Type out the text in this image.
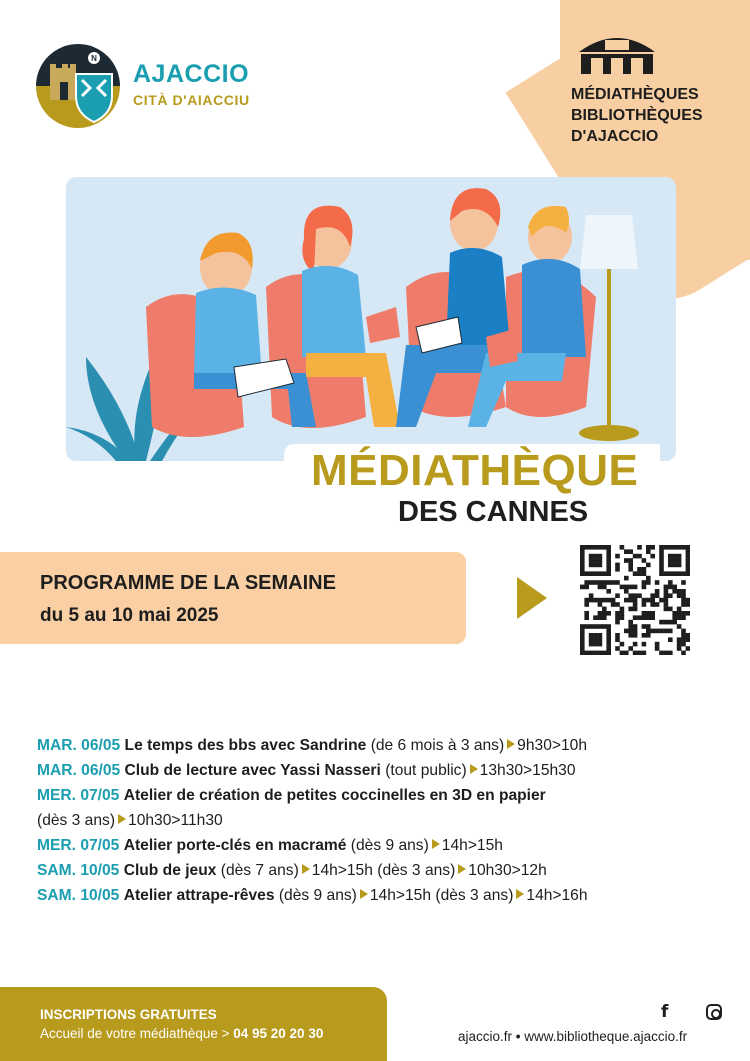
N
AJACCIO
CITÀ D'AIACCIU	MÉDIATHÈQUES
BIBLIOTHÈQUES
D'AJACCIO
MÉDIATHÈQUE
DES CANNES
PROGRAMME DE LA SEMAINE
du 5 au 10 mai 2025
MAR. 06/05 Le temps des bbs avec Sandrine (de 6 mois à 3 ans) 9h30>10h
MAR. 06/05 Club de lecture avec Yassi Nasseri (tout public) 13h30>15h30
MER. 07/05 Atelier de création de petites coccinelles en 3D en papier
(dès 3 ans) 10h30>11h30
MER. 07/05 Atelier porte-clés en macramé (dès 9 ans) 14h>15h
SAM. 10/05 Club de jeux (dès 7 ans) 14h>15h (dès 3 ans) 10h30>12h
SAM. 10/05 Atelier attrape-rêves (dès 9 ans) 14h>15h (dès 3 ans) 14h>16h
INSCRIPTIONS GRATUITES
Accueil de votre médiathèque > 04 95 20 20 30
f
ajaccio.fr • www.bibliotheque.ajaccio.fr
